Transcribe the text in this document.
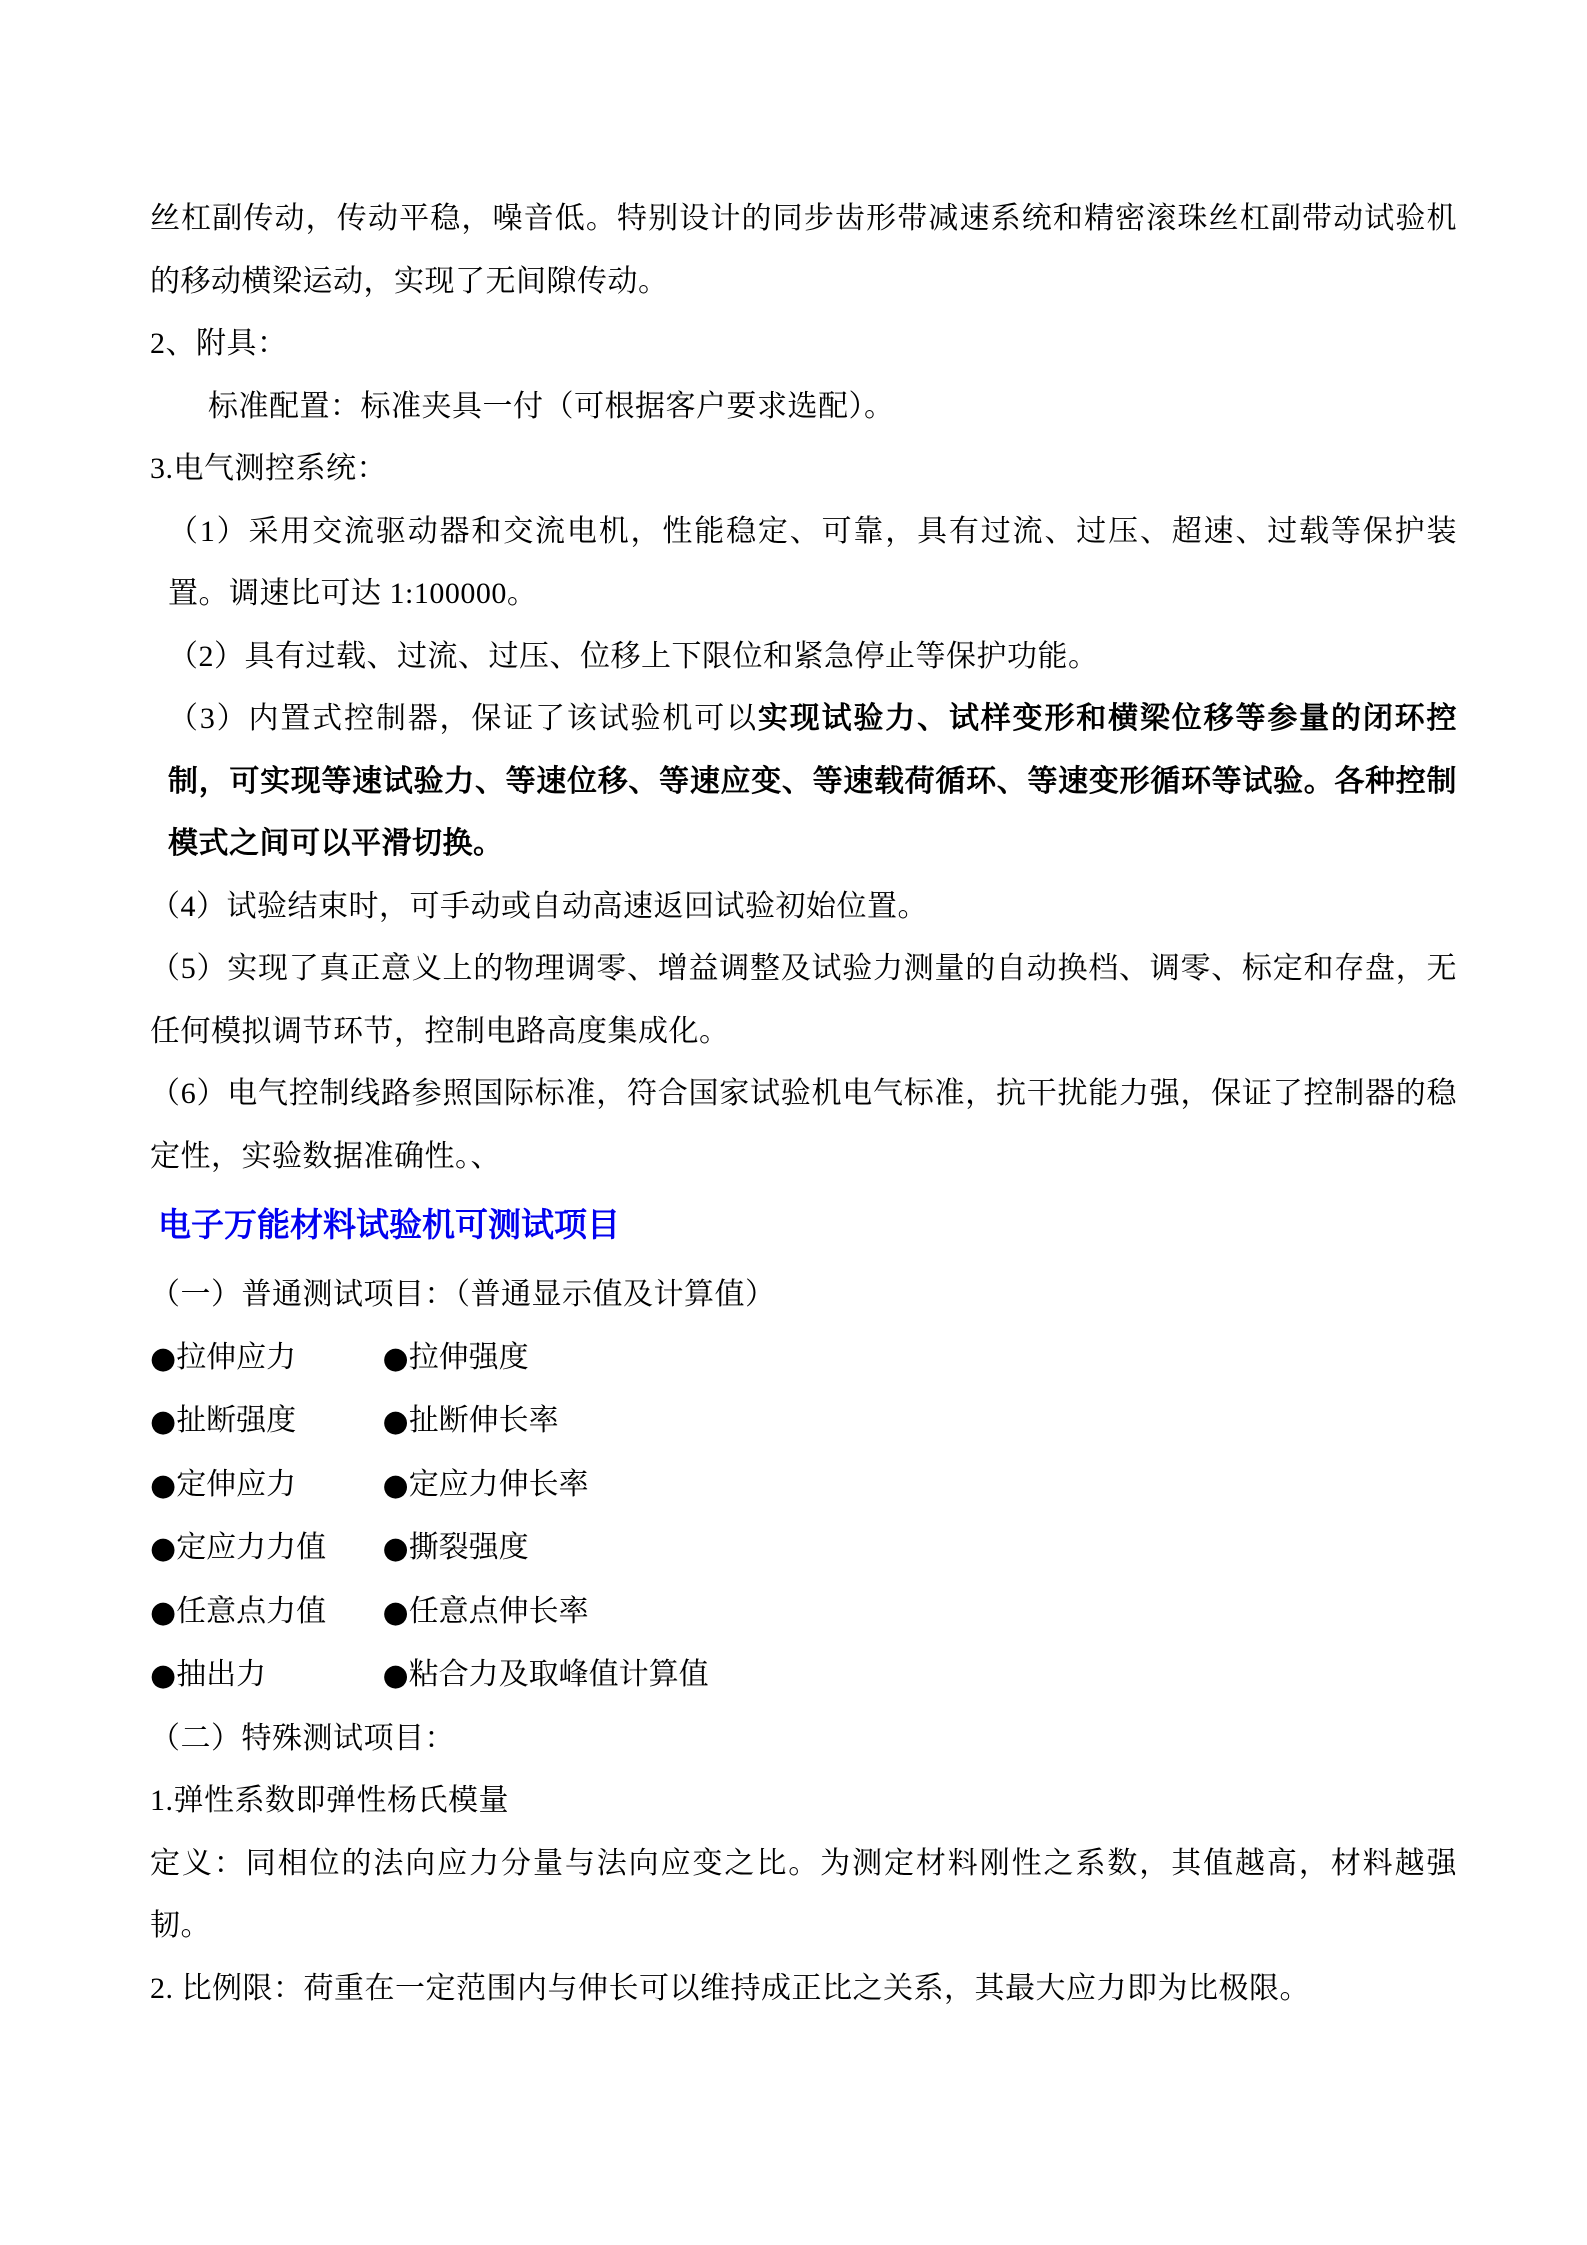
丝杠副传动，传动平稳，噪音低。特别设计的同步齿形带减速系统和精密滚珠丝杠副带动试验机的移动横梁运动，实现了无间隙传动。

2、附具：

标准配置：标准夹具一付（可根据客户要求选配）。

3.电气测控系统：

（1）采用交流驱动器和交流电机，性能稳定、可靠，具有过流、过压、超速、过载等保护装置。调速比可达 1:100000。

（2）具有过载、过流、过压、位移上下限位和紧急停止等保护功能。

（3）内置式控制器，保证了该试验机可以实现试验力、试样变形和横梁位移等参量的闭环控制，可实现等速试验力、等速位移、等速应变、等速载荷循环、等速变形循环等试验。各种控制模式之间可以平滑切换。

（4）试验结束时，可手动或自动高速返回试验初始位置。

（5）实现了真正意义上的物理调零、增益调整及试验力测量的自动换档、调零、标定和存盘，无任何模拟调节环节，控制电路高度集成化。

（6）电气控制线路参照国际标准，符合国家试验机电气标准，抗干扰能力强，保证了控制器的稳定性，实验数据准确性。、

电子万能材料试验机可测试项目

（一）普通测试项目：（普通显示值及计算值）

●拉伸应力	●拉伸强度
●扯断强度	●扯断伸长率
●定伸应力	●定应力伸长率
●定应力力值 ●撕裂强度
●任意点力值 ●任意点伸长率
●抽出力	●粘合力及取峰值计算值

（二）特殊测试项目：

1.弹性系数即弹性杨氏模量

定义：同相位的法向应力分量与法向应变之比。为测定材料刚性之系数，其值越高，材料越强韧。

2. 比例限：荷重在一定范围内与伸长可以维持成正比之关系，其最大应力即为比极限。
